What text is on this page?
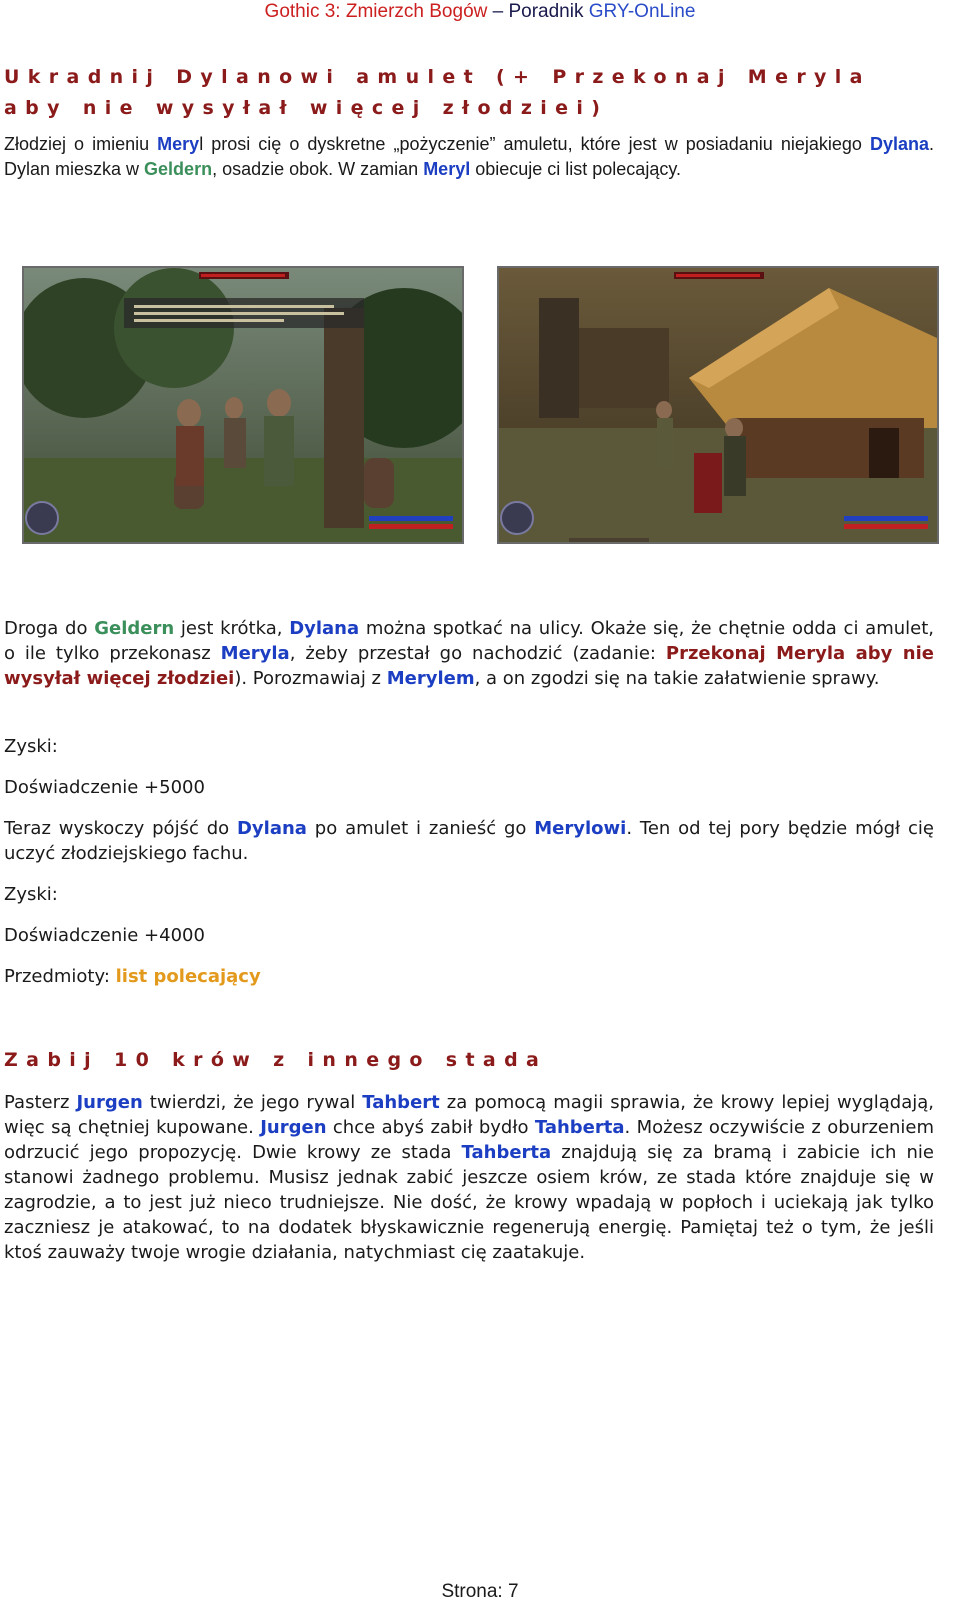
Gothic 3: Zmierzch Bogów – Poradnik GRY-OnLine
Ukradnij Dylanowi amulet (+ Przekonaj Meryla aby nie wysyłał więcej złodziei)

Złodziej o imieniu Meryl prosi cię o dyskretne „pożyczenie” amuletu, które jest w posiadaniu niejakiego Dylana. Dylan mieszka w Geldern, osadzie obok. W zamian Meryl obiecuje ci list polecający.

Droga do Geldern jest krótka, Dylana można spotkać na ulicy. Okaże się, że chętnie odda ci amulet, o ile tylko przekonasz Meryla, żeby przestał go nachodzić (zadanie: Przekonaj Meryla aby nie wysyłał więcej złodziei). Porozmawiaj z Merylem, a on zgodzi się na takie załatwienie sprawy.

Zyski:

Doświadczenie +5000

Teraz wyskoczy pójść do Dylana po amulet i zanieść go Merylowi. Ten od tej pory będzie mógł cię uczyć złodziejskiego fachu.

Zyski:

Doświadczenie +4000

Przedmioty: list polecający

Zabij 10 krów z innego stada

Pasterz Jurgen twierdzi, że jego rywal Tahbert za pomocą magii sprawia, że krowy lepiej wyglądają, więc są chętniej kupowane. Jurgen chce abyś zabił bydło Tahberta. Możesz oczywiście z oburzeniem odrzucić jego propozycję. Dwie krowy ze stada Tahberta znajdują się za bramą i zabicie ich nie stanowi żadnego problemu. Musisz jednak zabić jeszcze osiem krów, ze stada które znajduje się w zagrodzie, a to jest już nieco trudniejsze. Nie dość, że krowy wpadają w popłoch i uciekają jak tylko zaczniesz je atakować, to na dodatek błyskawicznie regenerują energię. Pamiętaj też o tym, że jeśli ktoś zauważy twoje wrogie działania, natychmiast cię zaatakuje.

Strona: 7
